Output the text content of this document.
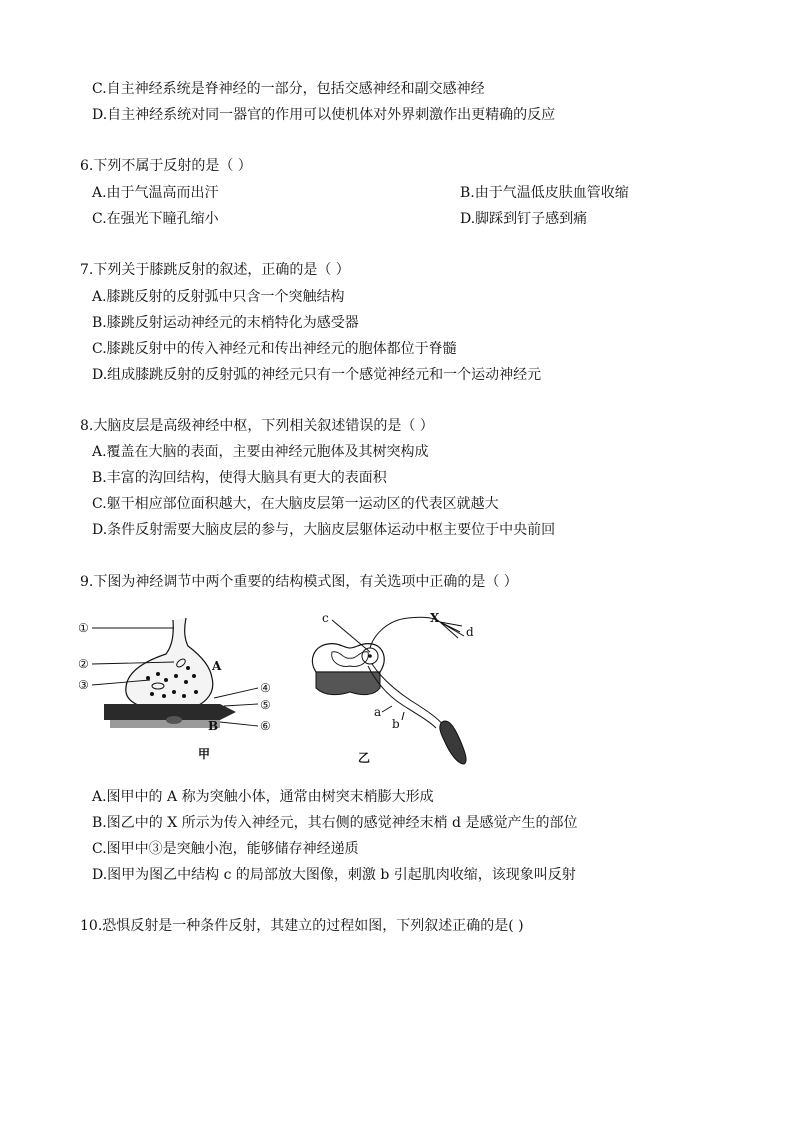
C.自主神经系统是脊神经的一部分，包括交感神经和副交感神经
D.自主神经系统对同一器官的作用可以使机体对外界刺激作出更精确的反应
6.下列不属于反射的是（ ）
A.由于气温高而出汗	B.由于气温低皮肤血管收缩
C.在强光下瞳孔缩小	D.脚踩到钉子感到痛
7.下列关于膝跳反射的叙述，正确的是（ ）
A.膝跳反射的反射弧中只含一个突触结构
B.膝跳反射运动神经元的末梢特化为感受器
C.膝跳反射中的传入神经元和传出神经元的胞体都位于脊髓
D.组成膝跳反射的反射弧的神经元只有一个感觉神经元和一个运动神经元
8.大脑皮层是高级神经中枢，下列相关叙述错误的是（ ）
A.覆盖在大脑的表面，主要由神经元胞体及其树突构成
B.丰富的沟回结构，使得大脑具有更大的表面积
C.躯干相应部位面积越大，在大脑皮层第一运动区的代表区就越大
D.条件反射需要大脑皮层的参与，大脑皮层躯体运动中枢主要位于中央前回
9.下图为神经调节中两个重要的结构模式图，有关选项中正确的是（ ）
①
②
③	④
⑤
⑥
A
B
甲
c	X
d
a
b
乙
A.图甲中的 A 称为突触小体，通常由树突末梢膨大形成
B.图乙中的 X 所示为传入神经元，其右侧的感觉神经末梢 d 是感觉产生的部位
C.图甲中③是突触小泡，能够储存神经递质
D.图甲为图乙中结构 c 的局部放大图像，刺激 b 引起肌肉收缩，该现象叫反射
10.恐惧反射是一种条件反射，其建立的过程如图，下列叙述正确的是( )
